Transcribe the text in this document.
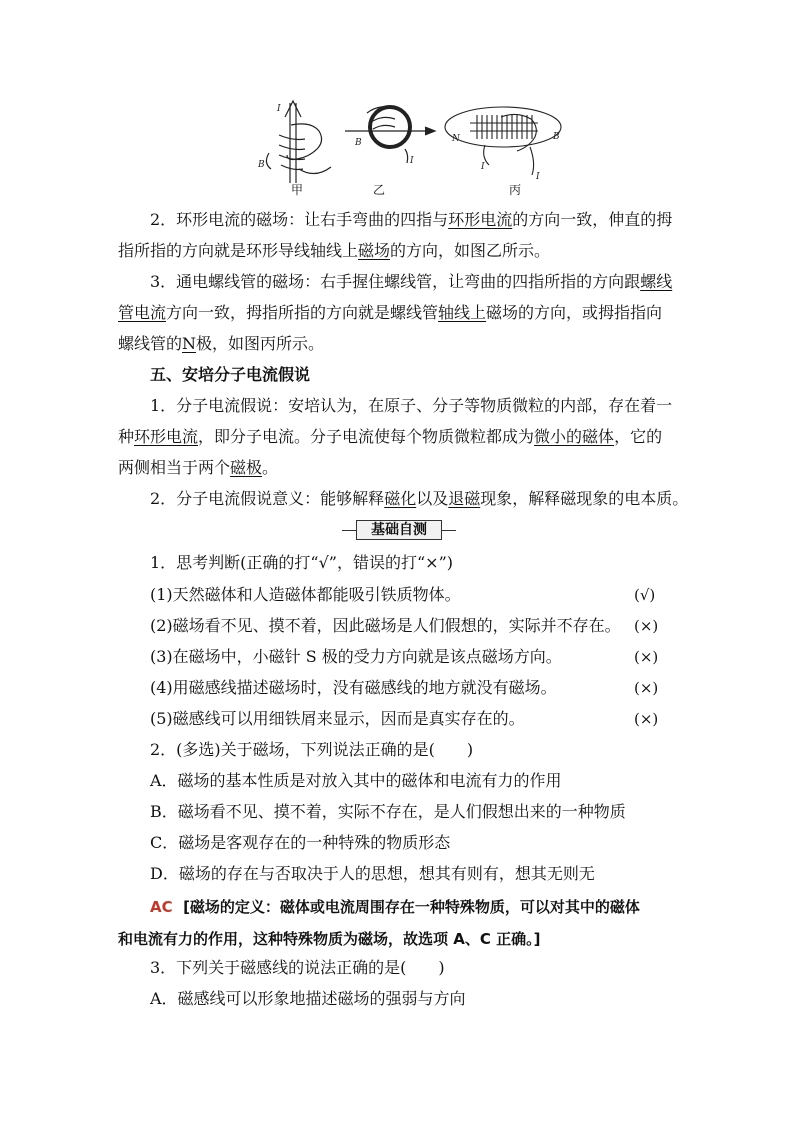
I
B
B
I
N	B
I
I
甲	乙	丙
2．环形电流的磁场：让右手弯曲的四指与环形电流的方向一致，伸直的拇
指所指的方向就是环形导线轴线上磁场的方向，如图乙所示。
3．通电螺线管的磁场：右手握住螺线管，让弯曲的四指所指的方向跟螺线
管电流方向一致，拇指所指的方向就是螺线管轴线上磁场的方向，或拇指指向
螺线管的N极，如图丙所示。
五、安培分子电流假说
1．分子电流假说：安培认为，在原子、分子等物质微粒的内部，存在着一
种环形电流，即分子电流。分子电流使每个物质微粒都成为微小的磁体，它的
两侧相当于两个磁极。
2．分子电流假说意义：能够解释磁化以及退磁现象，解释磁现象的电本质。
基础自测
1．思考判断(正确的打“√”，错误的打“×”)
(1)天然磁体和人造磁体都能吸引铁质物体。	(√)
(2)磁场看不见、摸不着，因此磁场是人们假想的，实际并不存在。 (×)
(3)在磁场中，小磁针 S 极的受力方向就是该点磁场方向。	(×)
(4)用磁感线描述磁场时，没有磁感线的地方就没有磁场。	(×)
(5)磁感线可以用细铁屑来显示，因而是真实存在的。	(×)
2．(多选)关于磁场，下列说法正确的是(　　)
A．磁场的基本性质是对放入其中的磁体和电流有力的作用
B．磁场看不见、摸不着，实际不存在，是人们假想出来的一种物质
C．磁场是客观存在的一种特殊的物质形态
D．磁场的存在与否取决于人的思想，想其有则有，想其无则无
AC [磁场的定义：磁体或电流周围存在一种特殊物质，可以对其中的磁体
和电流有力的作用，这种特殊物质为磁场，故选项 A、C 正确。]
3．下列关于磁感线的说法正确的是(　　)
A．磁感线可以形象地描述磁场的强弱与方向
